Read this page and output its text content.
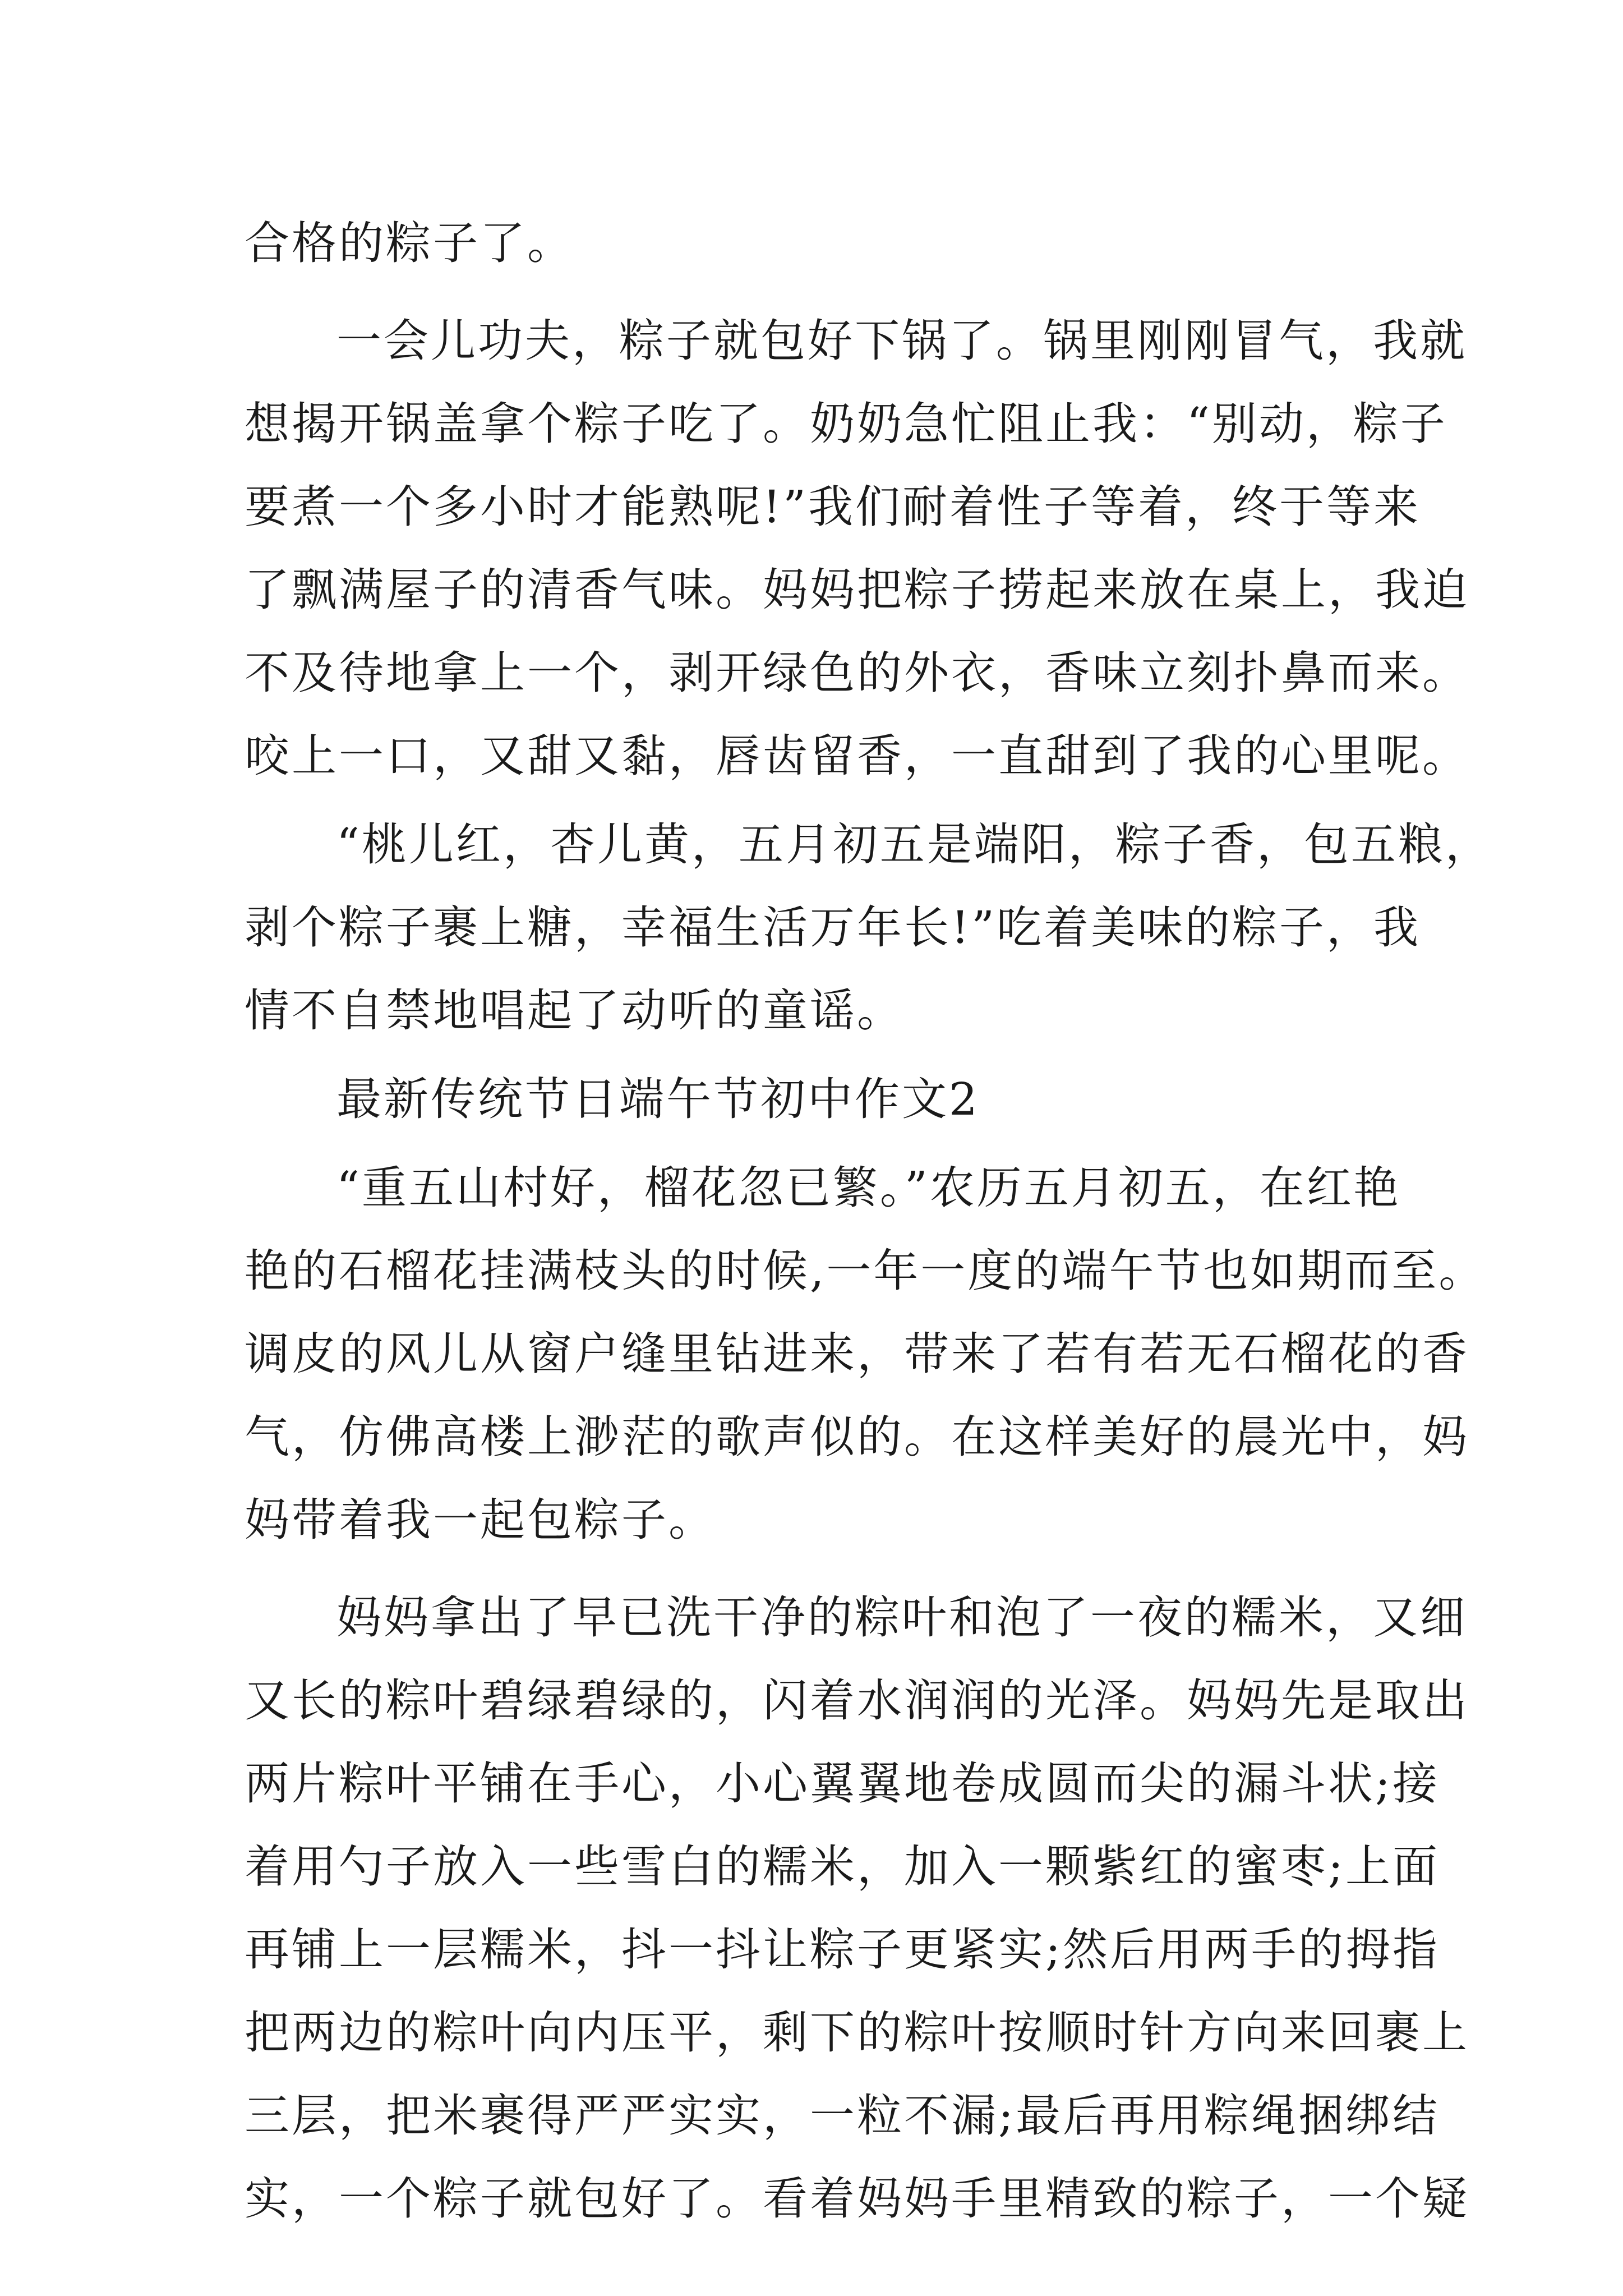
合格的粽子了。
一会儿功夫，粽子就包好下锅了。锅里刚刚冒气，我就
想揭开锅盖拿个粽子吃了。奶奶急忙阻止我：“别动，粽子
要煮一个多小时才能熟呢!”我们耐着性子等着，终于等来
了飘满屋子的清香气味。妈妈把粽子捞起来放在桌上，我迫
不及待地拿上一个，剥开绿色的外衣，香味立刻扑鼻而来。
咬上一口，又甜又黏，唇齿留香，一直甜到了我的心里呢。
“桃儿红，杏儿黄，五月初五是端阳，粽子香，包五粮，
剥个粽子裹上糖，幸福生活万年长!”吃着美味的粽子，我
情不自禁地唱起了动听的童谣。
最新传统节日端午节初中作文2
“重五山村好，榴花忽已繁。”农历五月初五，在红艳
艳的石榴花挂满枝头的时候,一年一度的端午节也如期而至。
调皮的风儿从窗户缝里钻进来，带来了若有若无石榴花的香
气，仿佛高楼上渺茫的歌声似的。在这样美好的晨光中，妈
妈带着我一起包粽子。
妈妈拿出了早已洗干净的粽叶和泡了一夜的糯米，又细
又长的粽叶碧绿碧绿的，闪着水润润的光泽。妈妈先是取出
两片粽叶平铺在手心，小心翼翼地卷成圆而尖的漏斗状;接
着用勺子放入一些雪白的糯米，加入一颗紫红的蜜枣;上面
再铺上一层糯米，抖一抖让粽子更紧实;然后用两手的拇指
把两边的粽叶向内压平，剩下的粽叶按顺时针方向来回裹上
三层，把米裹得严严实实，一粒不漏;最后再用粽绳捆绑结
实，一个粽子就包好了。看着妈妈手里精致的粽子，一个疑
